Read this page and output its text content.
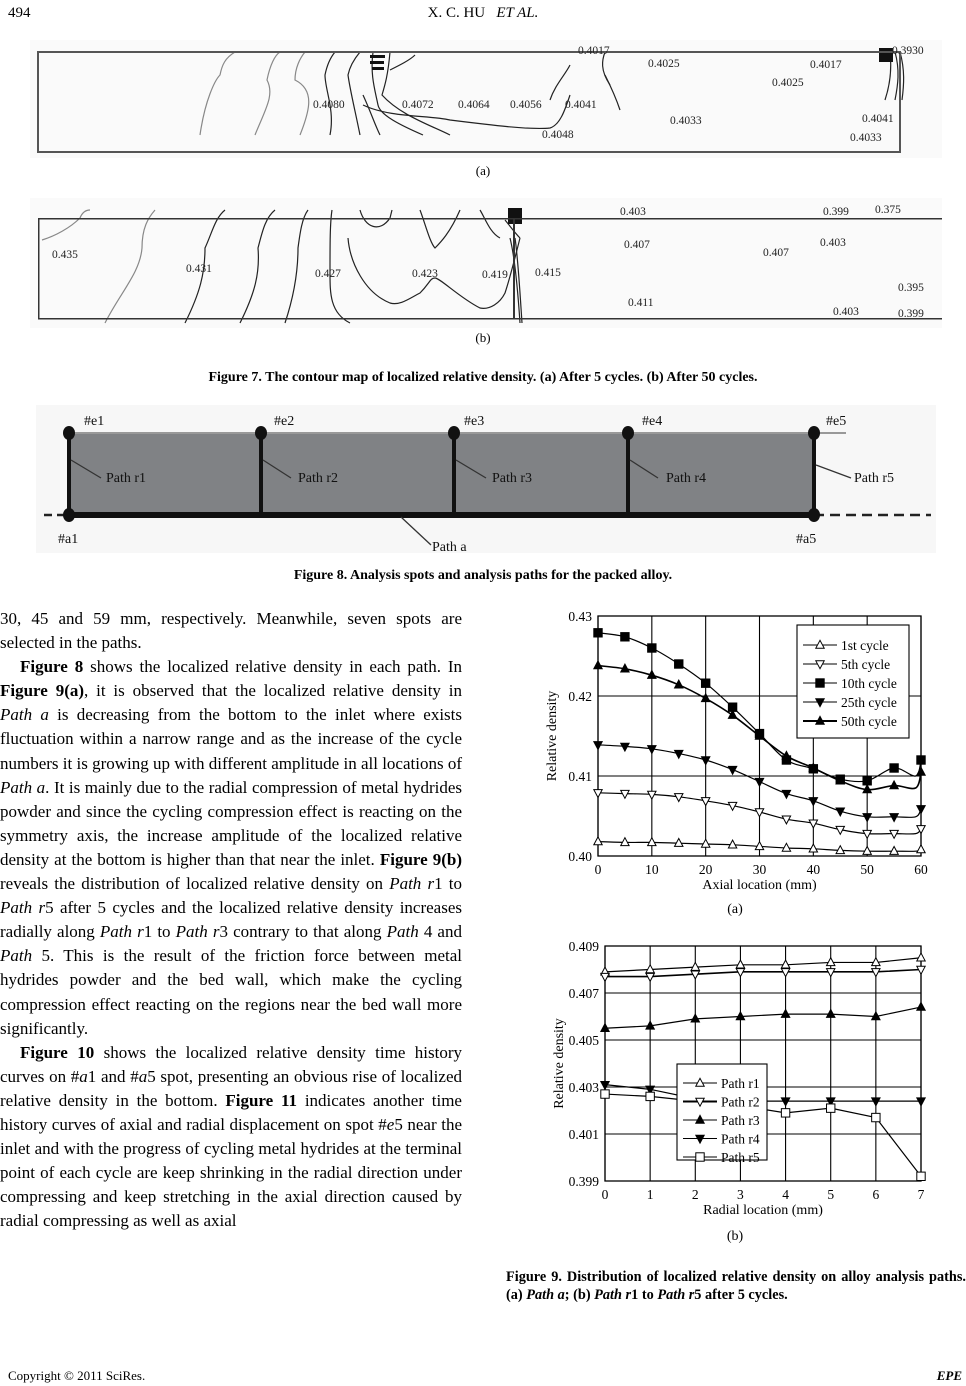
494	X. C. HU ET AL.
0.4080	0.4072 0.4064 0.4056 0.4041
0.4048
0.4017
0.4025
0.4033
0.4025
0.4017
0.3930
0.4041
0.4033
(a)
0.435
0.431	0.427	0.423	0.419 0.415
0.403
0.407
0.411
0.407
0.399 0.375
0.403
0.395
0.403	0.399
(b)
Figure 7. The contour map of localized relative density. (a) After 5 cycles. (b) After 50 cycles.
#e1	#e2	#e3	#e4	#e5
#a1	#a5
Path r1	Path r2	Path r3	Path r4	Path r5
Path a
Figure 8. Analysis spots and analysis paths for the packed alloy.

30, 45 and 59 mm, respectively. Meanwhile, seven spots are selected in the paths.

Figure 8 shows the localized relative density in each path. In Figure 9(a), it is observed that the localized relative density in Path a is decreasing from the bottom to the inlet where exists fluctuation within a narrow range and as the increase of the cycle numbers it is growing up with different amplitude in all locations of Path a. It is mainly due to the radial compression of metal hydrides powder and since the cycling compression effect is reacting on the symmetry axis, the increase amplitude of the localized relative density at the bottom is higher than that near the inlet. Figure 9(b) reveals the distribution of localized relative density on Path r1 to Path r5 after 5 cycles and the localized relative density increases radially along Path r1 to Path r3 contrary to that along Path 4 and Path 5. This is the result of the friction force between metal hydrides powder and the bed wall, which make the cycling compression effect reacting on the regions near the bed wall more significantly.

Figure 10 shows the localized relative density time history curves on #a1 and #a5 spot, presenting an obvious rise of localized relative density in the bottom. Figure 11 indicates another time history curves of axial and radial displacement on spot #e5 near the inlet and with the progress of cycling metal hydrides at the terminal point of each cycle are keep shrinking in the radial direction under compressing and keep stretching in the axial direction caused by radial compressing as well as axial

0	10	20	30	40	50	60
0.40
0.41
0.42
0.43
Axial location (mm)
Relative density
1st cycle
5th cycle
10th cycle
25th cycle
50th cycle
(a)
0	1	2	3	4	5	6	7
0.399
0.401
0.403
0.405
0.407
0.409
Radial location (mm)
Relative density	Path r1
Path r2
Path r3
Path r4
Path r5
(b)
Figure 9. Distribution of localized relative density on alloy analysis paths. (a) Path a; (b) Path r1 to Path r5 after 5 cycles.
Copyright © 2011 SciRes.	EPE
